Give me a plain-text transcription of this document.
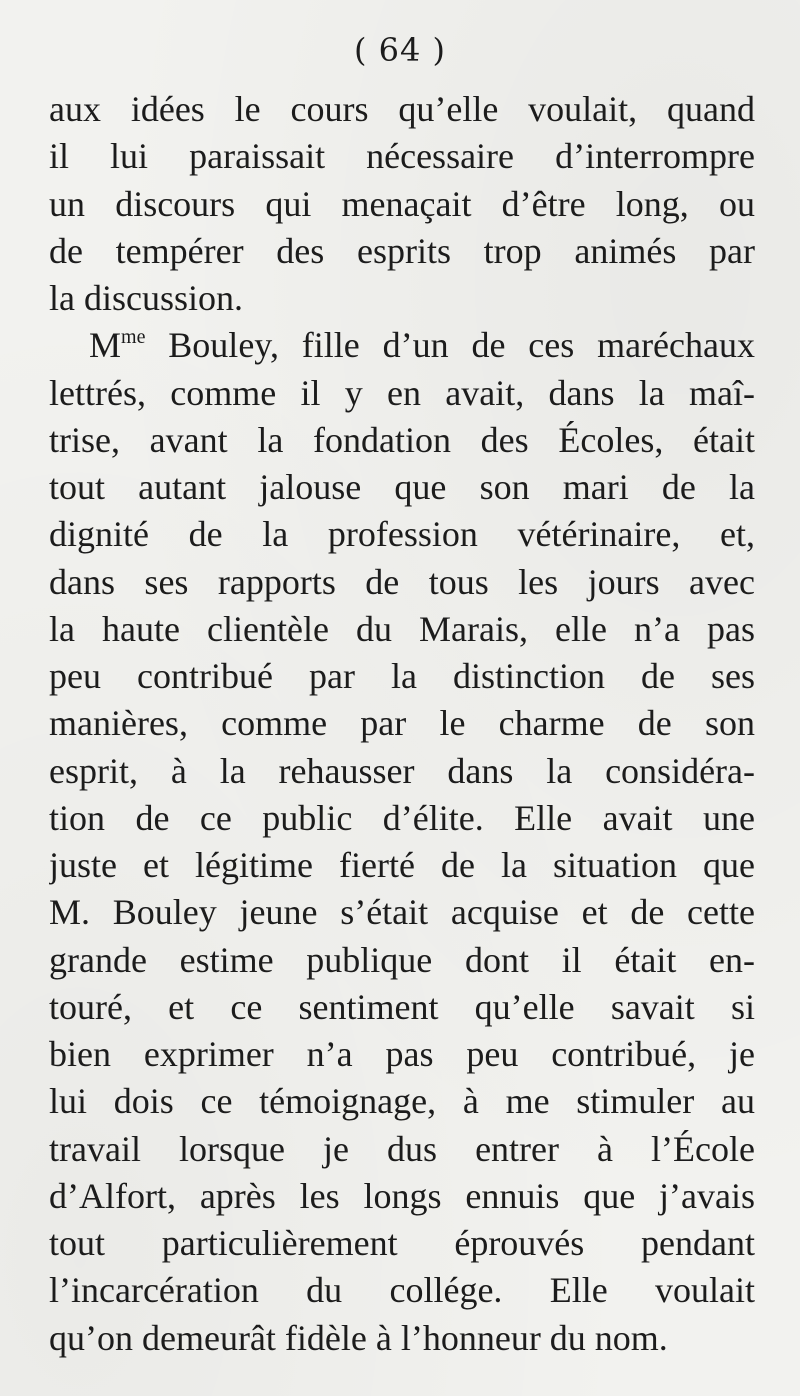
( 64 )
aux idées le cours qu’elle voulait, quand
il lui paraissait nécessaire d’interrompre
un discours qui menaçait d’être long, ou
de tempérer des esprits trop animés par
la discussion.
$M^{me}$ Bouley, fille d’un de ces maréchaux
lettrés, comme il y en avait, dans la maî-
trise, avant la fondation des Écoles, était
tout autant jalouse que son mari de la
dignité de la profession vétérinaire, et,
dans ses rapports de tous les jours avec
la haute clientèle du Marais, elle n’a pas
peu contribué par la distinction de ses
manières, comme par le charme de son
esprit, à la rehausser dans la considéra-
tion de ce public d’élite. Elle avait une
juste et légitime fierté de la situation que
M. Bouley jeune s’était acquise et de cette
grande estime publique dont il était en-
touré, et ce sentiment qu’elle savait si
bien exprimer n’a pas peu contribué, je
lui dois ce témoignage, à me stimuler au
travail lorsque je dus entrer à l’École
d’Alfort, après les longs ennuis que j’avais
tout particulièrement éprouvés pendant
l’incarcération du collége. Elle voulait
qu’on demeurât fidèle à l’honneur du nom.
